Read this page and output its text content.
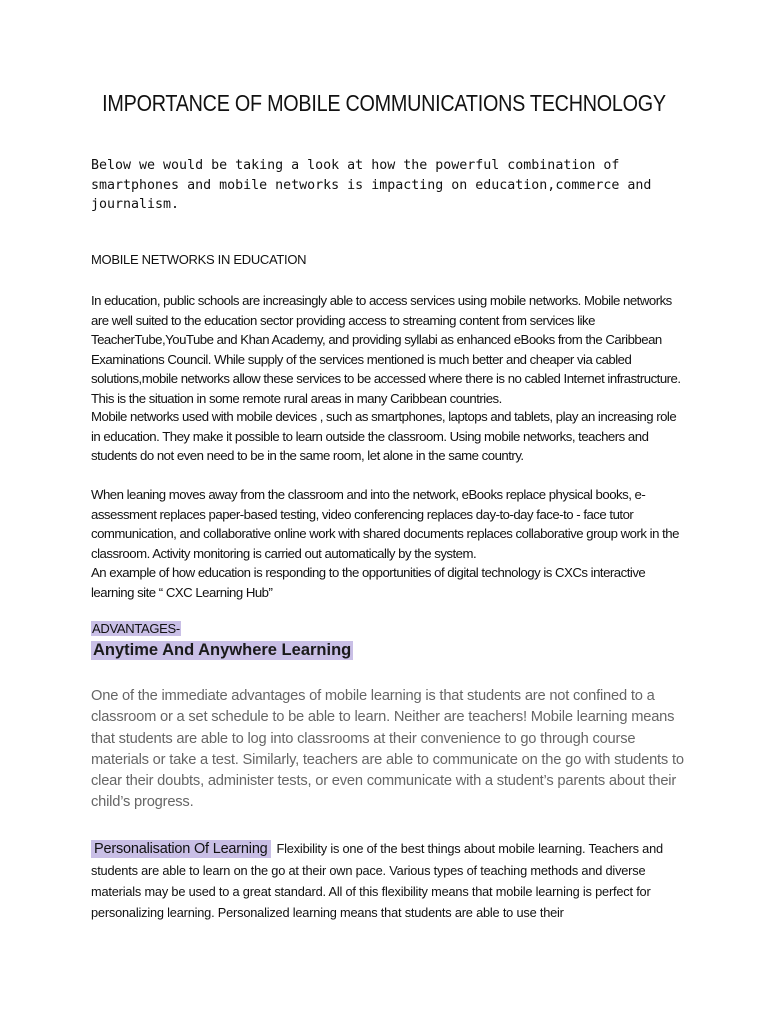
IMPORTANCE OF MOBILE COMMUNICATIONS TECHNOLOGY

Below we would be taking a look at how the powerful combination of smartphones and mobile networks is impacting on education,commerce and journalism.

MOBILE NETWORKS IN EDUCATION

In education, public schools are increasingly able to access services using mobile networks. Mobile networks are well suited to the education sector providing access to streaming content from services like TeacherTube,YouTube and Khan Academy, and providing syllabi as enhanced eBooks from the Caribbean Examinations Council. While supply of the services mentioned is much better and cheaper via cabled solutions,mobile networks allow these services to be accessed where there is no cabled Internet infrastructure. This is the situation in some remote rural areas in many Caribbean countries.

Mobile networks used with mobile devices , such as smartphones, laptops and tablets, play an increasing role in education. They make it possible to learn outside the classroom. Using mobile networks, teachers and students do not even need to be in the same room, let alone in the same country.

When leaning moves away from the classroom and into the network, eBooks replace physical books, e-assessment replaces paper-based testing, video conferencing replaces day-to-day face-to - face tutor communication, and collaborative online work with shared documents replaces collaborative group work in the classroom. Activity monitoring is carried out automatically by the system.

An example of how education is responding to the opportunities of digital technology is CXCs interactive learning site “ CXC Learning Hub”

ADVANTAGES-
Anytime And Anywhere Learning

One of the immediate advantages of mobile learning is that students are not confined to a classroom or a set schedule to be able to learn. Neither are teachers! Mobile learning means that students are able to log into classrooms at their convenience to go through course materials or take a test. Similarly, teachers are able to communicate on the go with students to clear their doubts, administer tests, or even communicate with a student’s parents about their child’s progress.

Personalisation Of Learning Flexibility is one of the best things about mobile learning. Teachers and students are able to learn on the go at their own pace. Various types of teaching methods and diverse materials may be used to a great standard. All of this flexibility means that mobile learning is perfect for personalizing learning. Personalized learning means that students are able to use their
